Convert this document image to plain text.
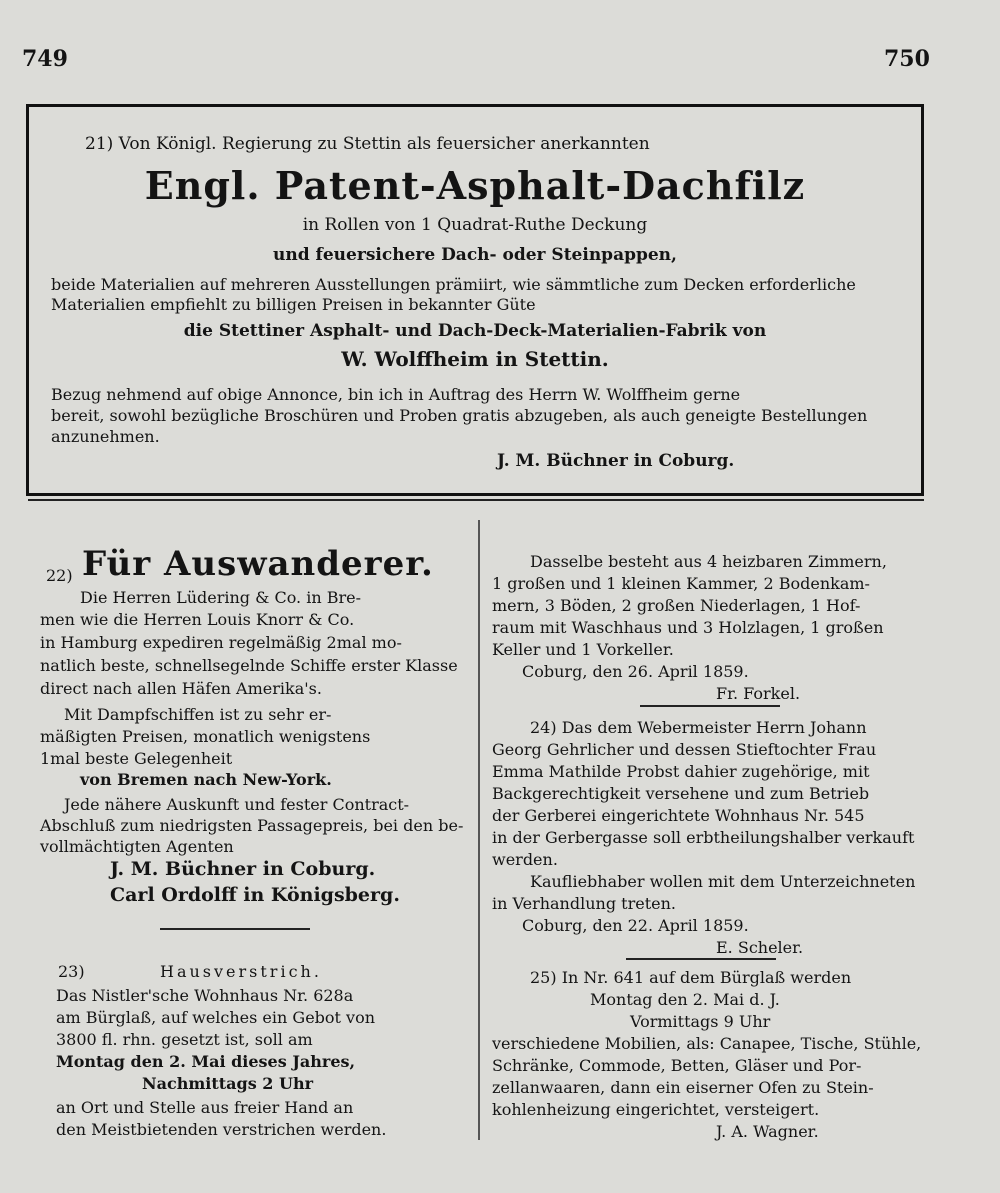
749	750
21) Von Königl. Regierung zu Stettin als feuersicher anerkannten
Engl. Patent-Asphalt-Dachfilz
in Rollen von 1 Quadrat-Ruthe Deckung
und feuersichere Dach- oder Steinpappen,
beide Materialien auf mehreren Ausstellungen prämiirt, wie sämmtliche zum Decken erforderliche
Materialien empfiehlt zu billigen Preisen in bekannter Güte
die Stettiner Asphalt- und Dach-Deck-Materialien-Fabrik von
W. Wolffheim in Stettin.
Bezug nehmend auf obige Annonce, bin ich in Auftrag des Herrn W. Wolffheim gerne
bereit, sowohl bezügliche Broschüren und Proben gratis abzugeben, als auch geneigte Bestellungen
anzunehmen.
J. M. Büchner in Coburg.
22) Für Auswanderer.
Die Herren Lüdering & Co. in Bre-
men wie die Herren Louis Knorr & Co.
in Hamburg expediren regelmäßig 2mal mo-
natlich beste, schnellsegelnde Schiffe erster Klasse
direct nach allen Häfen Amerika's.
Mit Dampfschiffen ist zu sehr er-
mäßigten Preisen, monatlich wenigstens
1mal beste Gelegenheit
von Bremen nach New-York.
Jede nähere Auskunft und fester Contract-
Abschluß zum niedrigsten Passagepreis, bei den be-
vollmächtigten Agenten
J. M. Büchner in Coburg.
Carl Ordolff in Königsberg.
23)	Hausverstrich.
Das Nistler'sche Wohnhaus Nr. 628a
am Bürglaß, auf welches ein Gebot von
3800 fl. rhn. gesetzt ist, soll am
Montag den 2. Mai dieses Jahres,
Nachmittags 2 Uhr
an Ort und Stelle aus freier Hand an
den Meistbietenden verstrichen werden.
Dasselbe besteht aus 4 heizbaren Zimmern,
1 großen und 1 kleinen Kammer, 2 Bodenkam-
mern, 3 Böden, 2 großen Niederlagen, 1 Hof-
raum mit Waschhaus und 3 Holzlagen, 1 großen
Keller und 1 Vorkeller.
Coburg, den 26. April 1859.
Fr. Forkel.
24) Das dem Webermeister Herrn Johann
Georg Gehrlicher und dessen Stieftochter Frau
Emma Mathilde Probst dahier zugehörige, mit
Backgerechtigkeit versehene und zum Betrieb
der Gerberei eingerichtete Wohnhaus Nr. 545
in der Gerbergasse soll erbtheilungshalber verkauft
werden.
Kaufliebhaber wollen mit dem Unterzeichneten
in Verhandlung treten.
Coburg, den 22. April 1859.
E. Scheler.
25) In Nr. 641 auf dem Bürglaß werden
Montag den 2. Mai d. J.
Vormittags 9 Uhr
verschiedene Mobilien, als: Canapee, Tische, Stühle,
Schränke, Commode, Betten, Gläser und Por-
zellanwaaren, dann ein eiserner Ofen zu Stein-
kohlenheizung eingerichtet, versteigert.
J. A. Wagner.
